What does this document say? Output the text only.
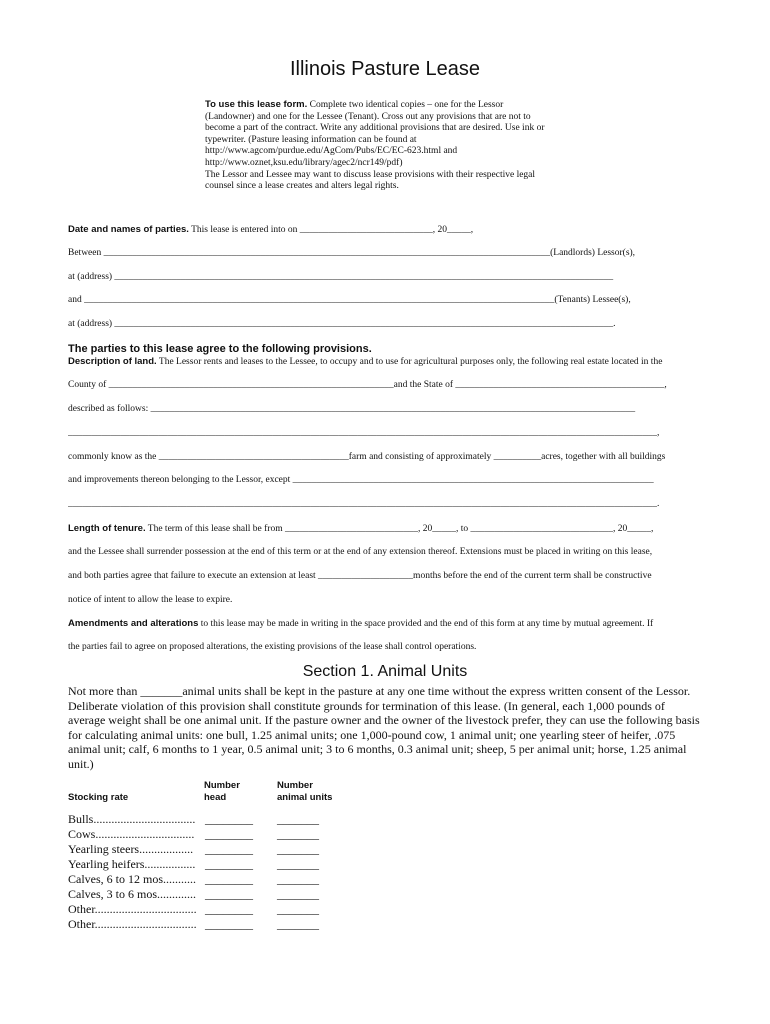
Illinois Pasture Lease
To use this lease form. Complete two identical copies – one for the Lessor (Landowner) and one for the Lessee (Tenant). Cross out any provisions that are not to become a part of the contract. Write any additional provisions that are desired. Use ink or typewriter. (Pasture leasing information can be found at http://www.agcom/purdue.edu/AgCom/Pubs/EC/EC-623.html and http://www.oznet,ksu.edu/library/agec2/ncr149/pdf)
The Lessor and Lessee may want to discuss lease provisions with their respective legal counsel since a lease creates and alters legal rights.
Date and names of parties. This lease is entered into on ____________________________, 20_____,
Between ______________________________________________________________________________________________(Landlords) Lessor(s),
at (address) _________________________________________________________________________________________________________
and ___________________________________________________________________________________________________(Tenants) Lessee(s),
at (address) _________________________________________________________________________________________________________.
The parties to this lease agree to the following provisions.
Description of land. The Lessor rents and leases to the Lessee, to occupy and to use for agricultural purposes only, the following real estate located in the
County of ____________________________________________________________and the State of ____________________________________________,
described as follows: ______________________________________________________________________________________________________
____________________________________________________________________________________________________________________________,
commonly know as the ________________________________________farm and consisting of approximately __________acres, together with all buildings
and improvements thereon belonging to the Lessor, except ____________________________________________________________________________
____________________________________________________________________________________________________________________________.
Length of tenure. The term of this lease shall be from ____________________________, 20_____, to ______________________________, 20_____,
and the Lessee shall surrender possession at the end of this term or at the end of any extension thereof. Extensions must be placed in writing on this lease,
and both parties agree that failure to execute an extension at least ____________________months before the end of the current term shall be constructive
notice of intent to allow the lease to expire.
Amendments and alterations to this lease may be made in writing in the space provided and the end of this form at any time by mutual agreement. If
the parties fail to agree on proposed alterations, the existing provisions of the lease shall control operations.
Section 1. Animal Units
Not more than _______animal units shall be kept in the pasture at any one time without the express written consent of the Lessor. Deliberate violation of this provision shall constitute grounds for termination of this lease. (In general, each 1,000 pounds of average weight shall be one animal unit. If the pasture owner and the owner of the livestock prefer, they can use the following basis for calculating animal units: one bull, 1.25 animal units; one 1,000-pound cow, 1 animal unit; one yearling steer of heifer, .075 animal unit; calf, 6 months to 1 year, 0.5 animal unit; 3 to 6 months, 0.3 animal unit; sheep, 5 per animal unit; horse, 1.25 animal unit.)
Stocking rate
Number
head
Number
animal units
Bulls.................................. ________ _______
Cows................................. ________ _______
Yearling steers.................. ________ _______
Yearling heifers................. ________ _______
Calves, 6 to 12 mos........... ________ _______
Calves, 3 to 6 mos............. ________ _______
Other.................................. ________ _______
Other.................................. ________ _______
